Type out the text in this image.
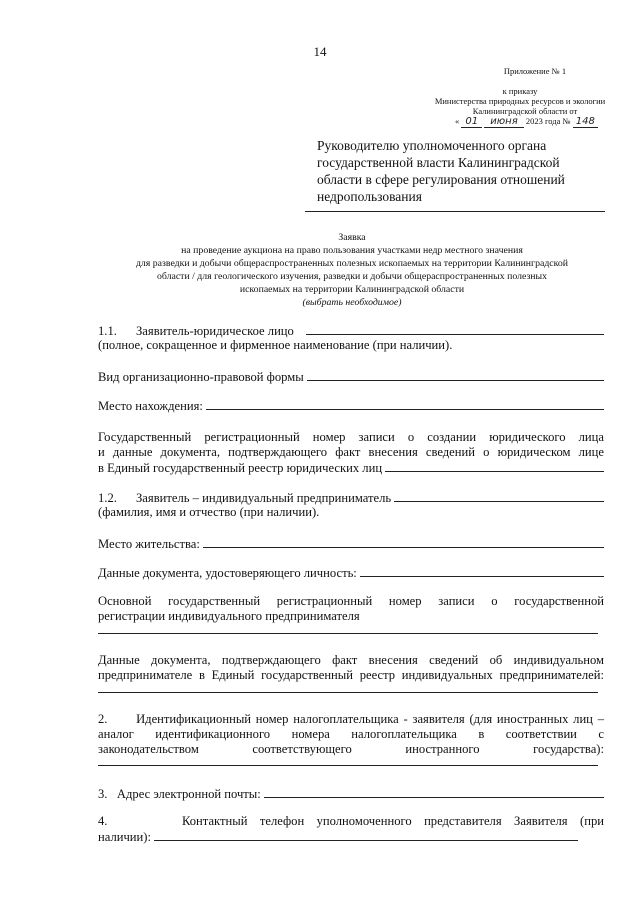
14
Приложение № 1
к приказу
Министерства природных ресурсов и экологии
Калининградской области от
« 01 июня 2023 года № 148
Руководителю уполномоченного органа
государственной власти Калининградской
области в сфере регулирования отношений
недропользования
Заявка
на проведение аукциона на право пользования участками недр местного значения
для разведки и добычи общераспространенных полезных ископаемых на территории Калининградской
области / для геологического изучения, разведки и добычи общераспространенных полезных
ископаемых на территории Калининградской области
(выбрать необходимое)
1.1.	Заявитель-юридическое лицо
(полное, сокращенное и фирменное наименование (при наличии).
Вид организационно-правовой формы
Место нахождения:
Государственный регистрационный номер записи о создании юридического лица
и данные документа, подтверждающего факт внесения сведений о юридическом лице
в Единый государственный реестр юридических лиц
1.2.	Заявитель – индивидуальный предприниматель
(фамилия, имя и отчество (при наличии).
Место жительства:
Данные документа, удостоверяющего личность:
Основной государственный регистрационный номер записи о государственной
регистрации индивидуального предпринимателя
Данные документа, подтверждающего факт внесения сведений об индивидуальном
предпринимателе в Единый государственный реестр индивидуальных предпринимателей:
2.      Идентификационный номер налогоплательщика - заявителя (для иностранных лиц –
аналог идентификационного номера налогоплательщика в соответствии с
законодательством соответствующего иностранного государства):
3.   Адрес электронной почты:
4.      Контактный телефон уполномоченного представителя Заявителя (при
наличии):
